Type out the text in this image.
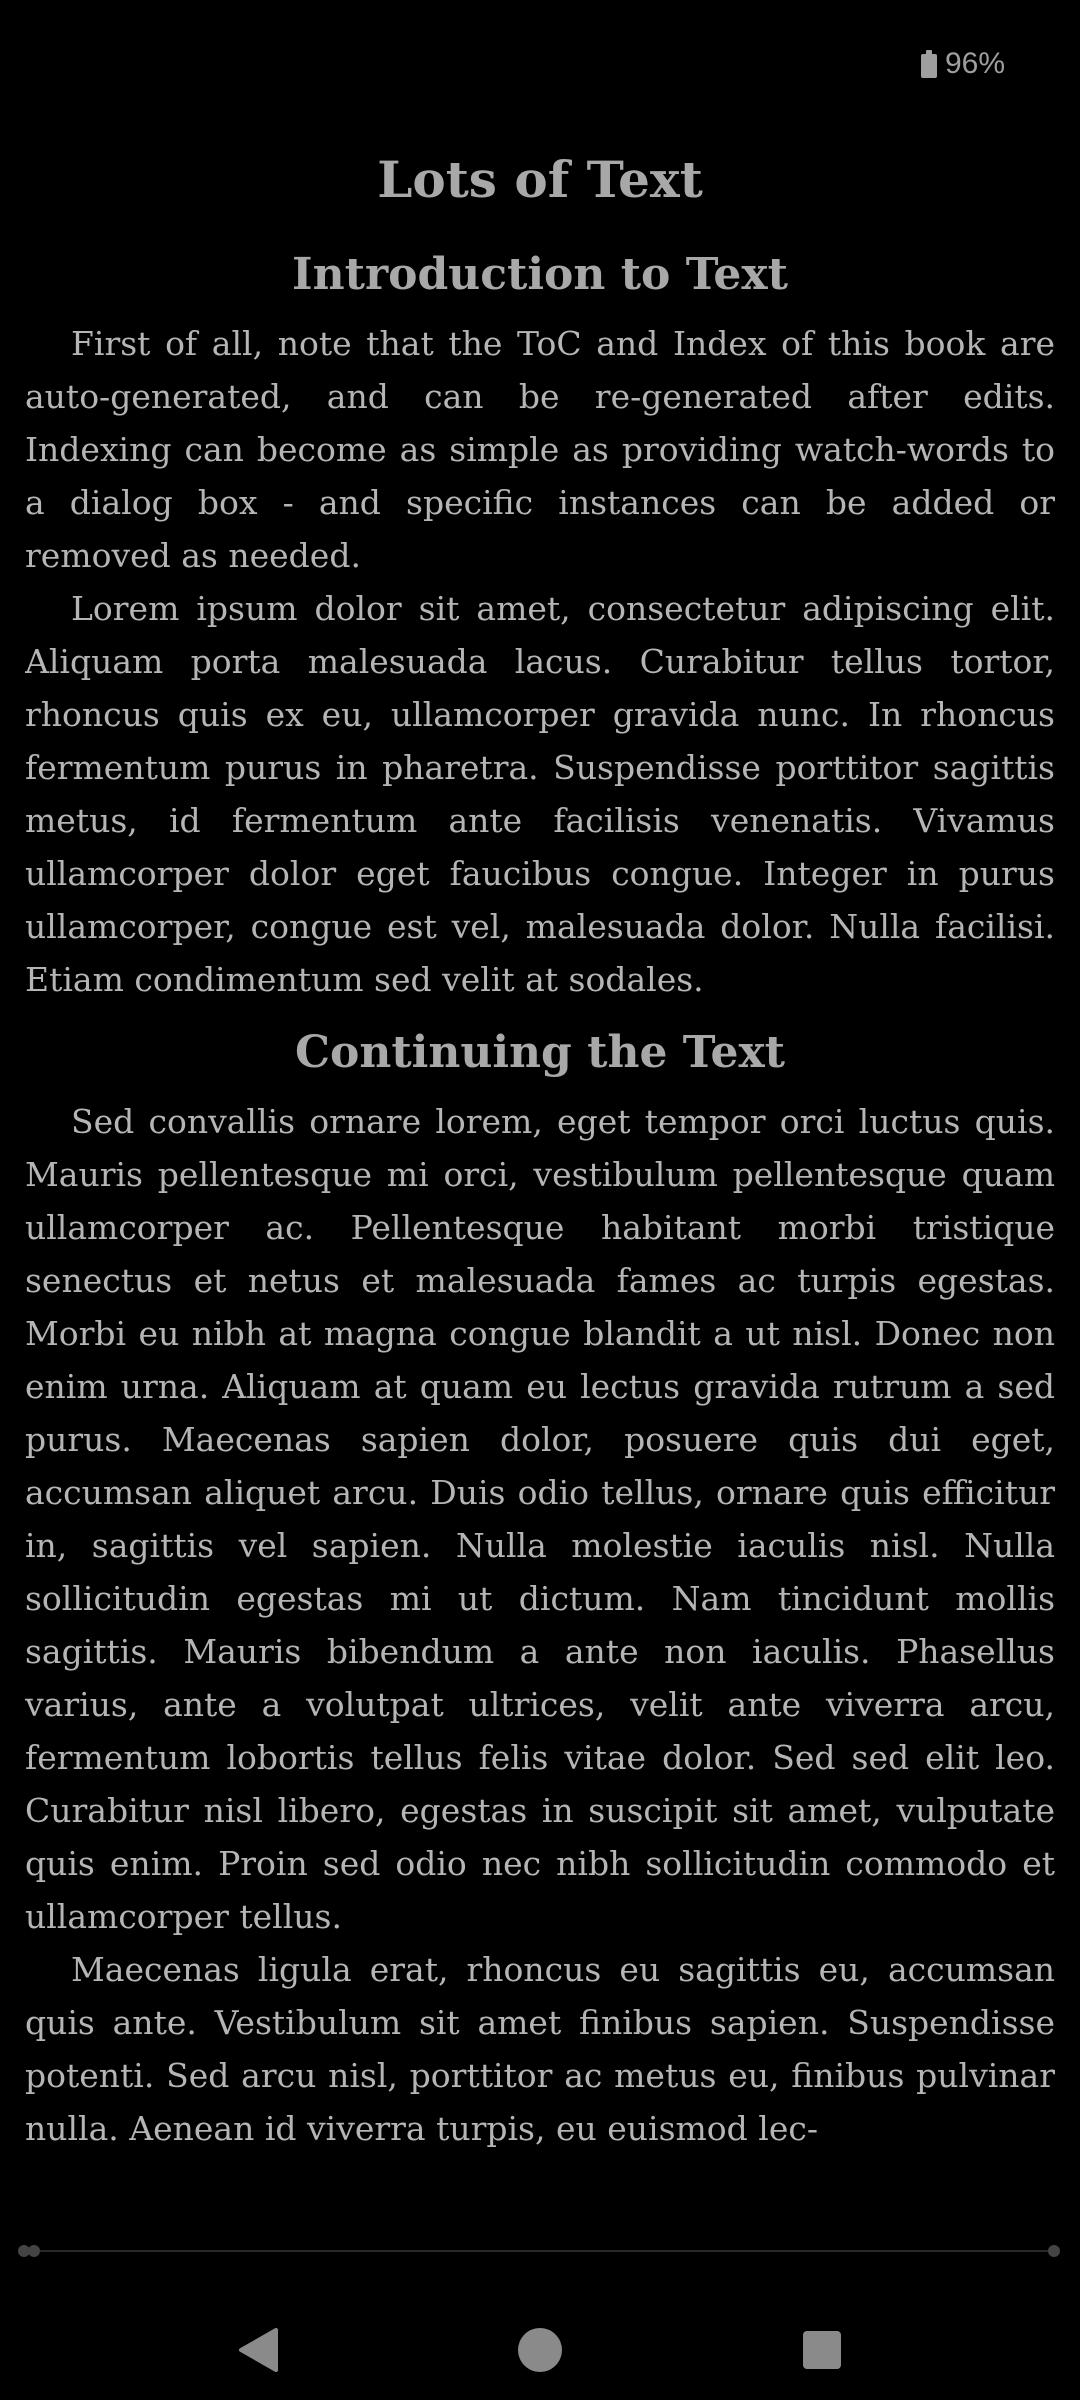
96%
Lots of Text
Introduction to Text

First of all, note that the ToC and Index of this book are auto-generated, and can be re-generated after edits. Indexing can become as simple as providing watch-words to a dialog box - and specific instances can be added or removed as needed.

Lorem ipsum dolor sit amet, consectetur adipiscing elit. Aliquam porta malesuada lacus. Curabitur tellus tortor, rhoncus quis ex eu, ullamcorper gravida nunc. In rhoncus fermentum purus in pharetra. Suspendisse porttitor sagittis metus, id fermentum ante facilisis venenatis. Vivamus ullamcorper dolor eget faucibus congue. Integer in purus ullamcorper, congue est vel, malesuada dolor. Nulla facilisi. Etiam condimentum sed velit at sodales.

Continuing the Text

Sed convallis ornare lorem, eget tempor orci luctus quis. Mauris pellentesque mi orci, vestibulum pellentesque quam ullamcorper ac. Pellentesque habitant morbi tristique senectus et netus et malesuada fames ac turpis egestas. Morbi eu nibh at magna congue blandit a ut nisl. Donec non enim urna. Aliquam at quam eu lectus gravida rutrum a sed purus. Maecenas sapien dolor, posuere quis dui eget, accumsan aliquet arcu. Duis odio tellus, ornare quis efficitur in, sagittis vel sapien. Nulla molestie iaculis nisl. Nulla sollicitudin egestas mi ut dictum. Nam tincidunt mollis sagittis. Mauris bibendum a ante non iaculis. Phasellus varius, ante a volutpat ultrices, velit ante viverra arcu, fermentum lobortis tellus felis vitae dolor. Sed sed elit leo. Curabitur nisl libero, egestas in suscipit sit amet, vulputate quis enim. Proin sed odio nec nibh sollicitudin commodo et ullamcorper tellus.

Maecenas ligula erat, rhoncus eu sagittis eu, accumsan quis ante. Vestibulum sit amet finibus sapien. Suspendisse potenti. Sed arcu nisl, porttitor ac metus eu, finibus pulvinar nulla. Aenean id viverra turpis, eu euismod lec-
